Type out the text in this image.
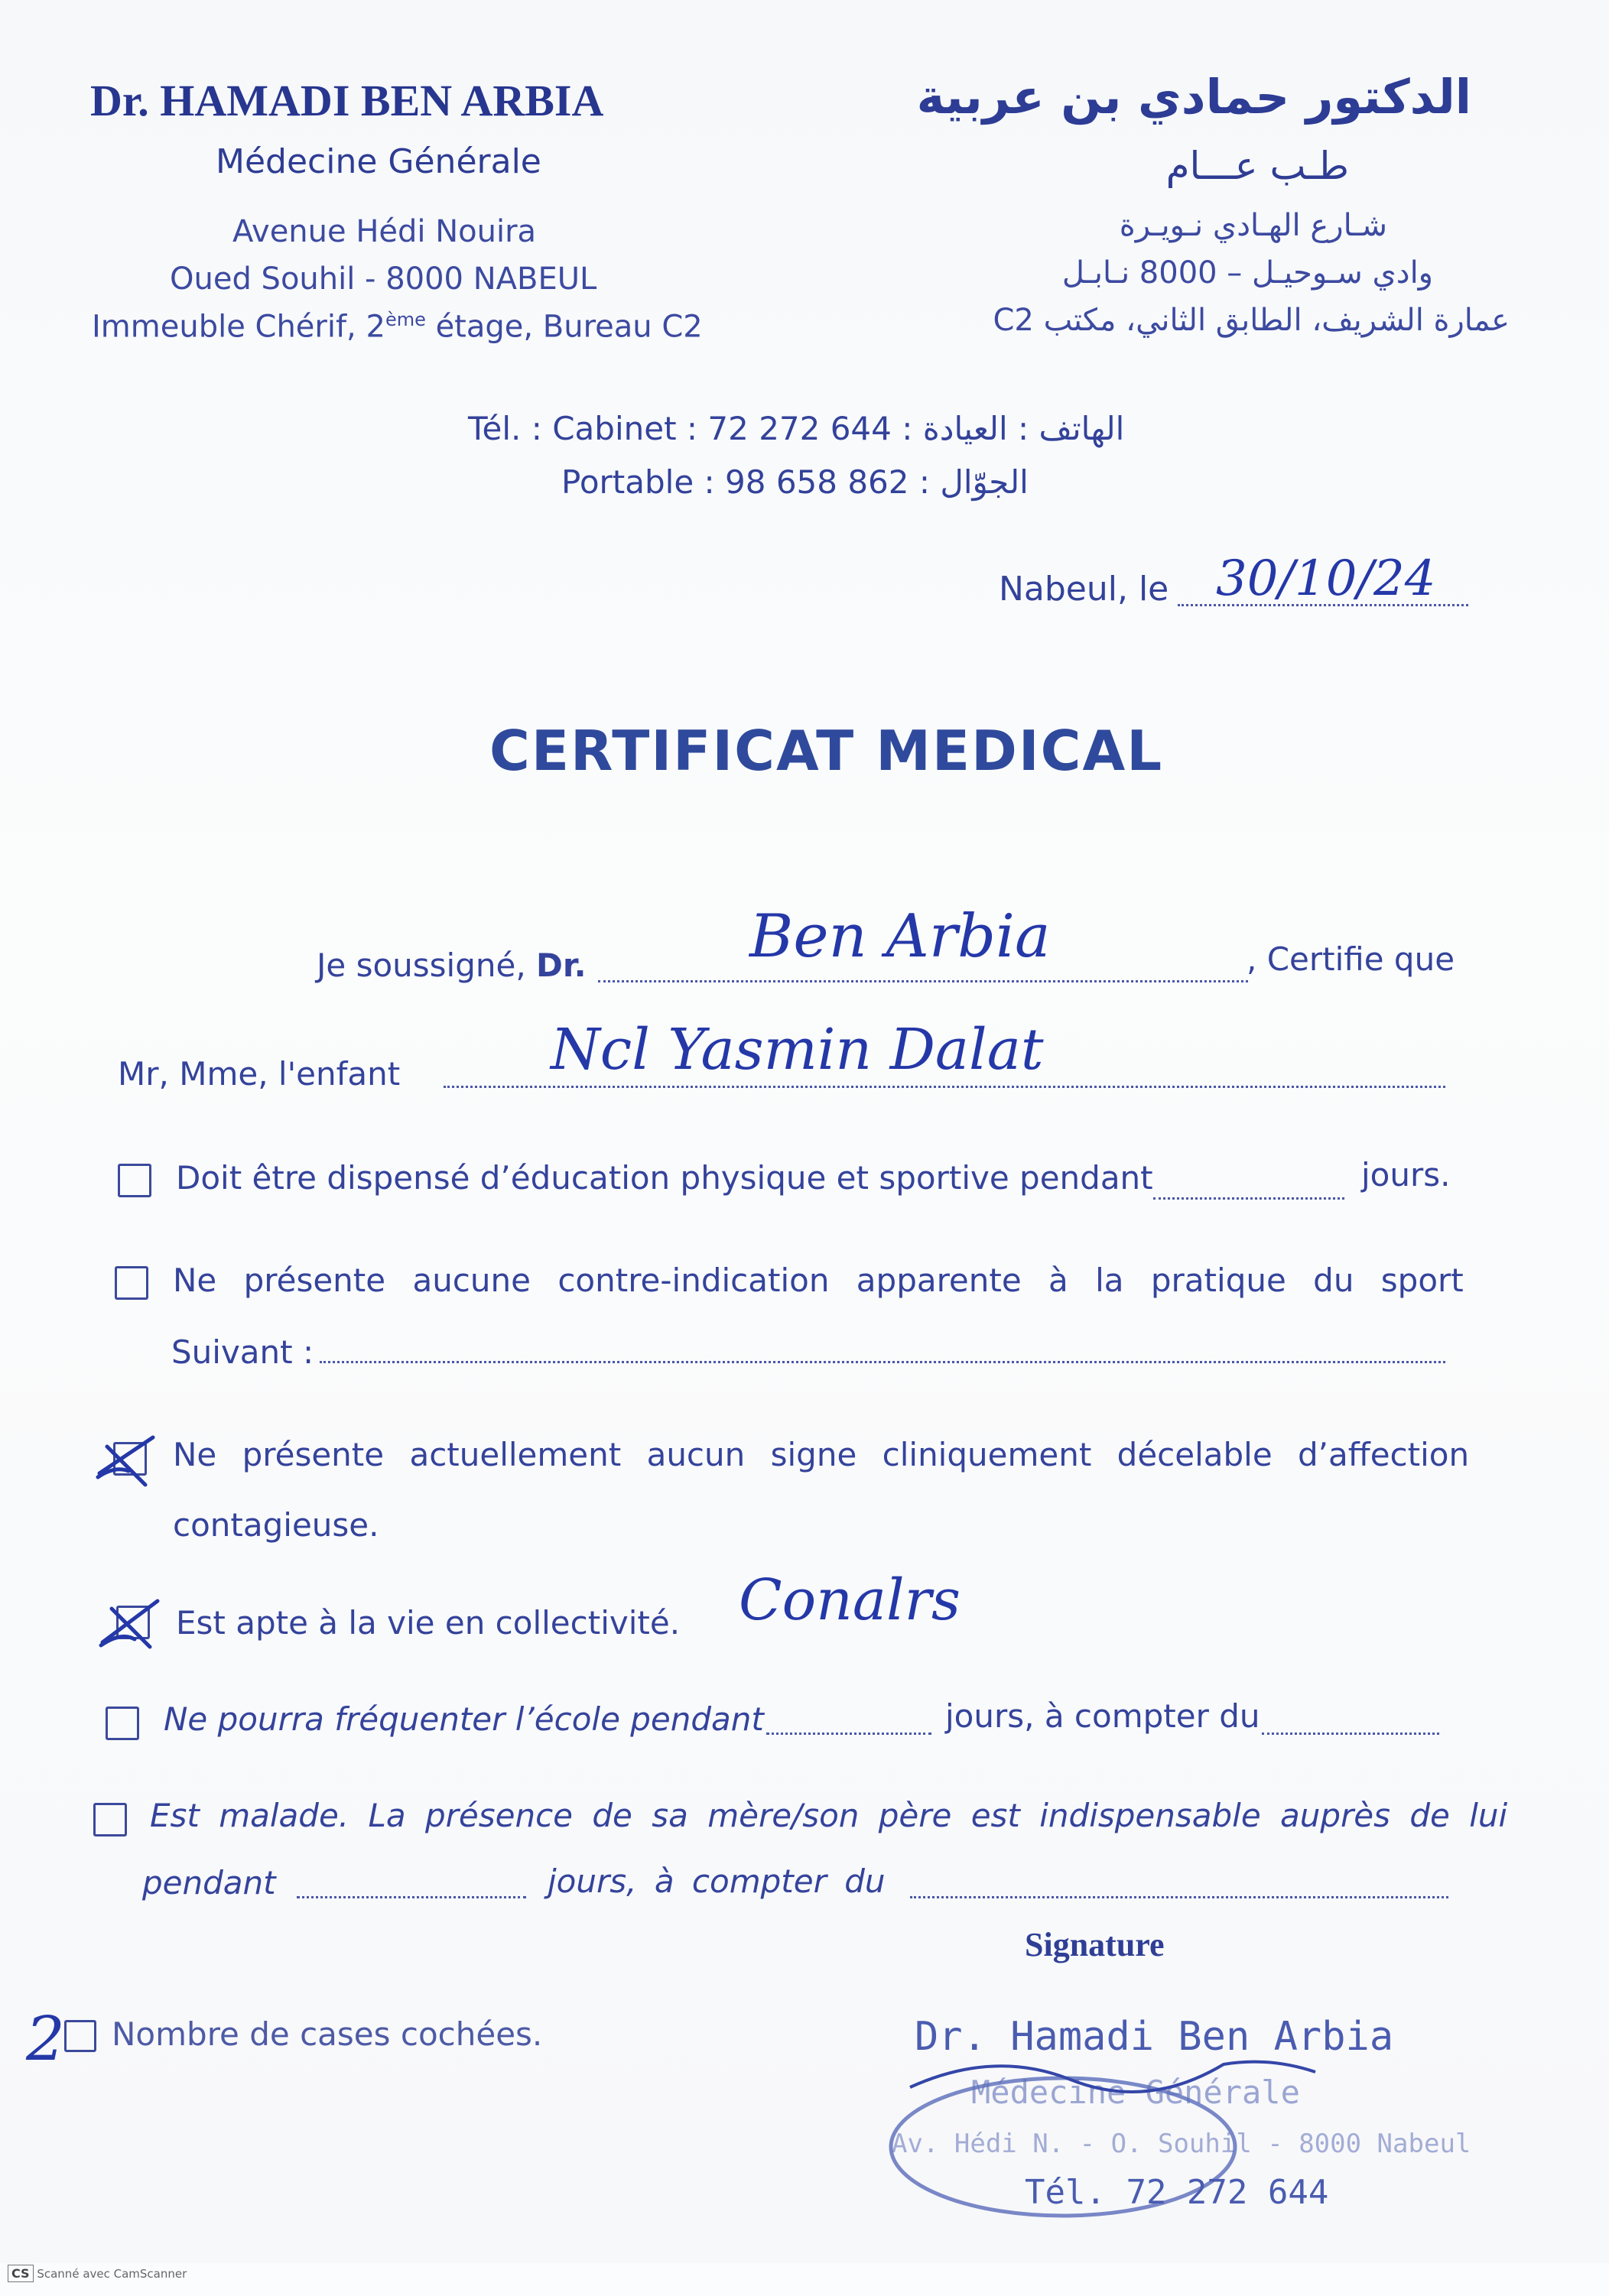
Dr. HAMADI BEN ARBIA
Médecine Générale
Avenue Hédi Nouira
Oued Souhil - 8000 NABEUL
Immeuble Chérif, 2ème étage, Bureau C2
الدكتور حمادي بن عربية
طـب عـــام
شـارع الهـادي نـويـرة
وادي سـوحيـل – 8000 نـابـل
عمارة الشريف، الطابق الثاني، مكتب C2
Tél. : Cabinet : 72 272 644 : الهاتف : العيادة
Portable : 98 658 862 : الجوّال
Nabeul, le 30/10/24
CERTIFICAT MEDICAL
Je soussigné, Dr.	Ben Arbia	, Certifie que
Mr, Mme, l'enfant	Ncl Yasmin Dalat
Doit être dispensé d’éducation physique et sportive pendant	jours.
Ne présente aucune contre-indication apparente à la pratique du sport
Suivant :
Ne présente actuellement aucun signe cliniquement décelable d’affection
contagieuse.
Est apte à la vie en collectivité. Conalrs
Ne pourra fréquenter l’école pendant	jours, à compter du
Est malade. La présence de sa mère/son père est indispensable auprès de lui
pendant	jours, à compter du
Signature
2 Nombre de cases cochées.	Dr. Hamadi Ben Arbia
Médecine Générale
Av. Hédi N. - O. Souhil - 8000 Nabeul
Tél. 72 272 644
CS Scanné avec CamScanner
